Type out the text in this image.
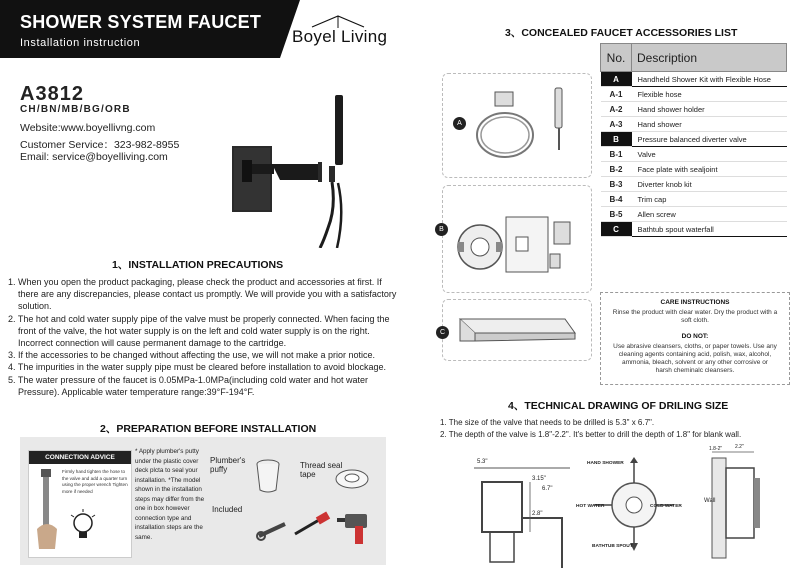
SHOWER SYSTEM FAUCET
Installation instruction	Boyel Living
A3812
CH/BN/MB/BG/ORB
Website:www.boyellivng.com
Customer Service：323-982-8955
Email: service@boyelliving.com
1、INSTALLATION PRECAUTIONS
1. When you open the product packaging, please check the product and accessories at first. If there are any discrepancies, please contact us promptly. We will provide you with a satisfactory solution.
2. The hot and cold water supply pipe of the valve must be properly connected. When facing the front of the valve, the hot water supply is on the left and cold water supply is on the right. Incorrect connection will cause permanent damage to the cartridge.
3. If the accessories to be changed without affecting the use, we will not make a prior notice.
4. The impurities in the water supply pipe must be cleared before installation to avoid blockage.
5. The water pressure of the faucet is 0.05MPa-1.0MPa(including cold water and hot water Pressure). Applicable water temperature range:39°F-194°F.
2、PREPARATION BEFORE INSTALLATION
CONNECTION ADVICE
Firmly hand tighten the hose to the valve and add a quarter turn using the proper wrench Tighten more if needed
* Apply plumber's putty under the plastic cover deck plcta to seal your installation. *The model shown in the installation steps may differ from the one in box however connection type and installation steps are the same.
Plumber's puffy	Thread seal tape
Included
3、CONCEALED FAUCET ACCESSORIES LIST
No.	Description
A	Handheld Shower Kit with Flexible Hose
A-1	Flexible hose
A-2	Hand shower holder
A-3	Hand shower
B	Pressure balanced diverter valve
B-1	Valve
B-2	Face plate with sealjoint
B-3	Diverter knob kit
B-4	Trim cap
B-5	Allen screw
C	Bathtub spout waterfall
A
B
C
CARE INSTRUCTIONS
Rinse the product with clear water. Dry the product with a soft cloth.
DO NOT:
Use abrasive cleansers, cloths, or paper towels. Use any cleaning agents containing acid, polish, wax, alcohol, ammonia, bleach, solvent or any other corrosive or harsh cheminalc cleansers.
4、TECHNICAL DRAWING OF DRILING SIZE
1. The size of the valve that needs to be drilled is 5.3" x 6.7".
2. The depth of the valve is 1.8"-2.2". It's better to drill the depth of 1.8" for blank wall.
5.3"
3.15"
6.7"
2.8"
HAND SHOWER
HOT WATER	COLD WATER
BATHTUB SPOUT
1.8-2"	2.2"
Wall
